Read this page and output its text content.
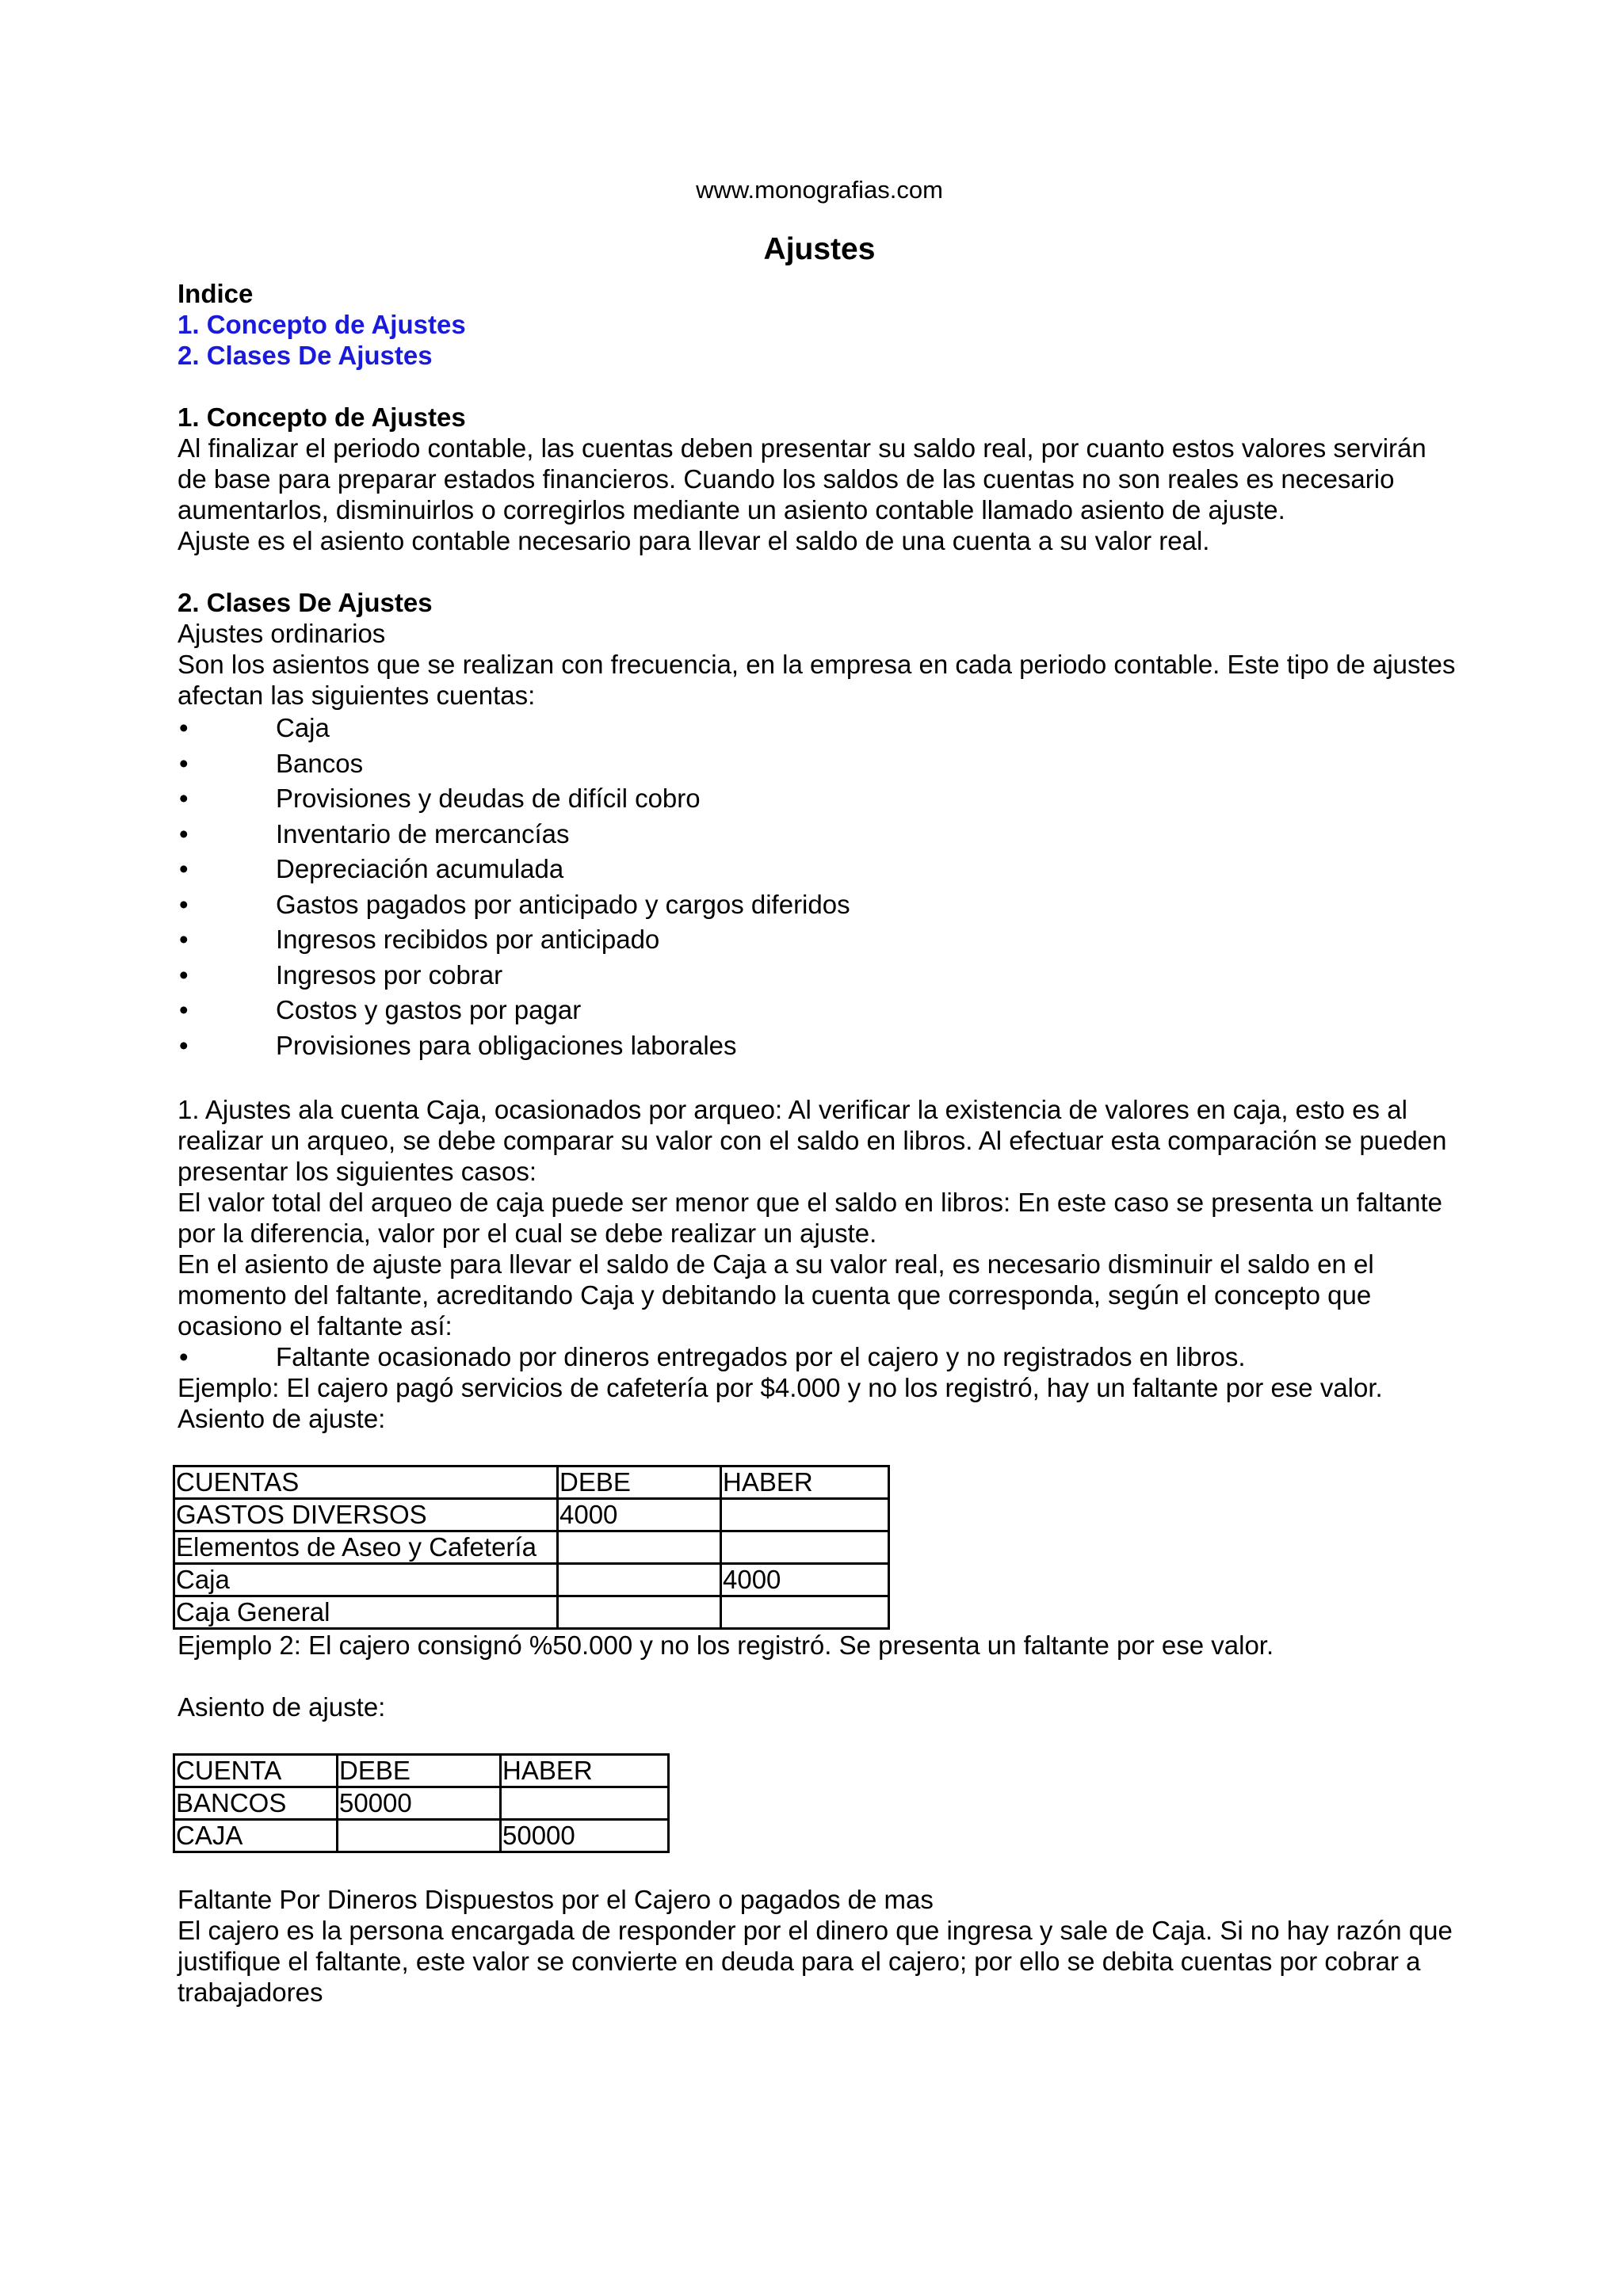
www.monografias.com

Ajustes

Indice

1. Concepto de Ajustes

2. Clases De Ajustes

1. Concepto de Ajustes

Al finalizar el periodo contable, las cuentas deben presentar su saldo real, por cuanto estos valores servirán de base para preparar estados financieros. Cuando los saldos de las cuentas no son reales es necesario aumentarlos, disminuirlos o corregirlos mediante un asiento contable llamado asiento de ajuste.

Ajuste es el asiento contable necesario para llevar el saldo de una cuenta a su valor real.

2. Clases De Ajustes

Ajustes ordinarios

Son los asientos que se realizan con frecuencia, en la empresa en cada periodo contable. Este tipo de ajustes afectan las siguientes cuentas:

• Caja
• Bancos
• Provisiones y deudas de difícil cobro
• Inventario de mercancías
• Depreciación acumulada
• Gastos pagados por anticipado y cargos diferidos
• Ingresos recibidos por anticipado
• Ingresos por cobrar
• Costos y gastos por pagar
• Provisiones para obligaciones laborales

1. Ajustes ala cuenta Caja, ocasionados por arqueo: Al verificar la existencia de valores en caja, esto es al realizar un arqueo, se debe comparar su valor con el saldo en libros. Al efectuar esta comparación se pueden presentar los siguientes casos:

El valor total del arqueo de caja puede ser menor que el saldo en libros: En este caso se presenta un faltante por la diferencia, valor por el cual se debe realizar un ajuste.

En el asiento de ajuste para llevar el saldo de Caja a su valor real, es necesario disminuir el saldo en el momento del faltante, acreditando Caja y debitando la cuenta que corresponda, según el concepto que ocasiono el faltante así:

• Faltante ocasionado por dineros entregados por el cajero y no registrados en libros.

Ejemplo: El cajero pagó servicios de cafetería por $4.000 y no los registró, hay un faltante por ese valor.

Asiento de ajuste:

CUENTAS	DEBE	HABER
GASTOS DIVERSOS	4000	
Elementos de Aseo y Cafetería		
Caja		4000
Caja General		

Ejemplo 2: El cajero consignó %50.000 y no los registró. Se presenta un faltante por ese valor.

Asiento de ajuste:

CUENTA	DEBE	HABER
BANCOS	50000	
CAJA		50000

Faltante Por Dineros Dispuestos por el Cajero o pagados de mas

El cajero es la persona encargada de responder por el dinero que ingresa y sale de Caja. Si no hay razón que justifique el faltante, este valor se convierte en deuda para el cajero; por ello se debita cuentas por cobrar a trabajadores
